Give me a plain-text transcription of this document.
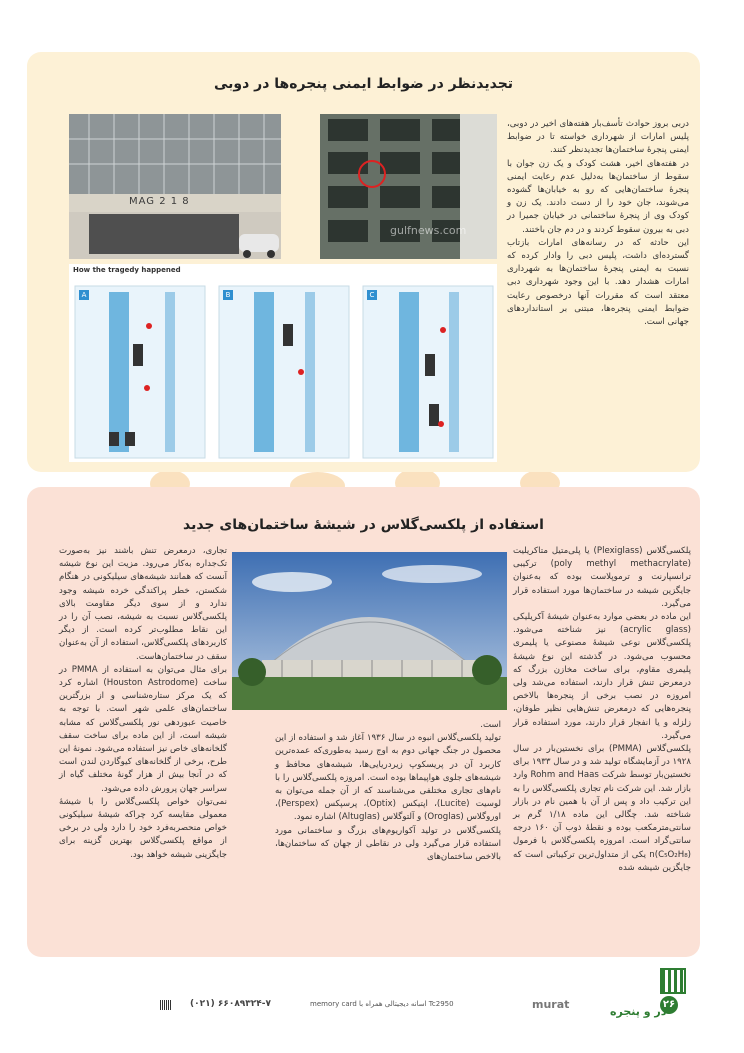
تجدیدنظر در ضوابط ایمنی پنجره‌ها در دوبی
MAG 2 1 8
gulfnews.com
How the tragedy happened
A	B	C

دربی بروز حوادث تأسف‌بار هفته‌های اخیر در دوبی، پلیس امارات از شهرداری خواسته تا در ضوابط ایمنی پنجرهٔ ساختمان‌ها تجدیدنظر کنند.

در هفته‌های اخیر، هشت کودک و یک زن جوان با سقوط از ساختمان‌ها به‌دلیل عدم رعایت ایمنی پنجرهٔ ساختمان‌هایی که رو به خیابان‌ها گشوده می‌شوند، جان خود را از دست دادند. یک زن و کودک وی از پنجرهٔ ساختمانی در خیابان جمیرا در دبی به بیرون سقوط کردند و در دم جان باختند.

این حادثه که در رسانه‌های امارات بازتاب گسترده‌ای داشت، پلیس دبی را وادار کرده که نسبت به ایمنی پنجرهٔ ساختمان‌ها به شهرداری امارات هشدار دهد. با این وجود شهرداری دبی معتقد است که مقررات آنها درخصوص رعایت ضوابط ایمنی پنجره‌ها، مبتنی بر استانداردهای جهانی است.

استفاده از پلکسی‌گلاس در شیشهٔ ساختمان‌های جدید

پلکسی‌گلاس (Plexiglass) یا پلی‌متیل متاکریلیت (poly methyl methacrylate) ترکیبی ترانسپارنت و ترموپلاست بوده که به‌عنوان جایگزین شیشه در ساختمان‌ها مورد استفاده قرار می‌گیرد.

این ماده در بعضی موارد به‌عنوان شیشهٔ آکریلیکی (acrylic glass) نیز شناخته می‌شود. پلکسی‌گلاس نوعی شیشهٔ مصنوعی یا پلیمری محسوب می‌شود. در گذشته این نوع شیشهٔ پلیمری مقاوم، برای ساخت مخازن بزرگ که درمعرض تنش قرار دارند، استفاده می‌شد ولی امروزه در نصب برخی از پنجره‌ها بالاخص پنجره‌هایی که درمعرض تنش‌هایی نظیر طوفان، زلزله و یا انفجار قرار دارند، مورد استفاده قرار می‌گیرد.

پلکسی‌گلاس (PMMA) برای نخستین‌بار در سال ۱۹۲۸ در آزمایشگاه تولید شد و در سال ۱۹۳۳ برای نخستین‌بار توسط شرکت Rohm and Haas وارد بازار شد. این شرکت نام تجاری پلکسی‌گلاس را به این ترکیب داد و پس از آن با همین نام در بازار شناخته شد. چگالی این ماده ۱/۱۸ گرم بر سانتی‌مترمکعب بوده و نقطهٔ ذوب آن ۱۶۰ درجه سانتی‌گراد است. امروزه پلکسی‌گلاس با فرمول (C₅O₂H₈)n یکی از متداول‌ترین ترکیباتی است که جایگزین شیشه شده

است.

تولید پلکسی‌گلاس انبوه در سال ۱۹۳۶ آغاز شد و استفاده از این محصول در جنگ جهانی دوم به اوج رسید به‌طوری‌که عمده‌ترین کاربرد آن در پریسکوپ زیردریایی‌ها، شیشه‌های محافظ و شیشه‌های جلوی هواپیماها بوده است. امروزه پلکسی‌گلاس را با نام‌های تجاری مختلفی می‌شناسند که از آن جمله می‌توان به لوسیت (Lucite)، اپتیکس (Optix)، پرسپکس (Perspex)، اوروگلاس (Oroglas) و آلتوگلاس (Altuglas) اشاره نمود.

پلکسی‌گلاس در تولید آکواریوم‌های بزرگ و ساختمانی مورد استفاده قرار می‌گیرد ولی در نقاطی از جهان که ساختمان‌ها، بالاخص ساختمان‌های

تجاری، درمعرض تنش باشند نیز به‌صورت تک‌جداره به‌کار می‌رود. مزیت این نوع شیشه آنست که همانند شیشه‌های سیلیکونی در هنگام شکستن، خطر پراکندگی خرده شیشه وجود ندارد و از سوی دیگر مقاومت بالای پلکسی‌گلاس نسبت به شیشه، نصب آن را در این نقاط مطلوب‌تر کرده است. از دیگر کاربردهای پلکسی‌گلاس، استفاده از آن به‌عنوان سقف در ساختمان‌هاست.

برای مثال می‌توان به استفاده از PMMA در ساخت (Houston Astrodome) اشاره کرد که یک مرکز ستاره‌شناسی و از بزرگترین ساختمان‌های علمی شهر است. با توجه به خاصیت عبوردهی نور پلکسی‌گلاس که مشابه شیشه است، از این ماده برای ساخت سقف گلخانه‌های خاص نیز استفاده می‌شود. نمونهٔ این طرح، برخی از گلخانه‌های کیوگاردن لندن است که در آنجا بیش از هزار گونهٔ مختلف گیاه از سراسر جهان پرورش داده می‌شود.

نمی‌توان خواص پلکسی‌گلاس را با شیشهٔ معمولی مقایسه کرد چراکه شیشهٔ سیلیکونی خواص منحصربه‌فرد خود را دارد ولی در برخی از مواقع پلکسی‌گلاس بهترین گزینه برای جایگزینی شیشه خواهد بود.

۲۶
در و پنجره
(۰۲۱) ۶۶۰۸۹۳۲۴-۷	memory card اسانه دیجیتالی همراه با Tc2950	murat
